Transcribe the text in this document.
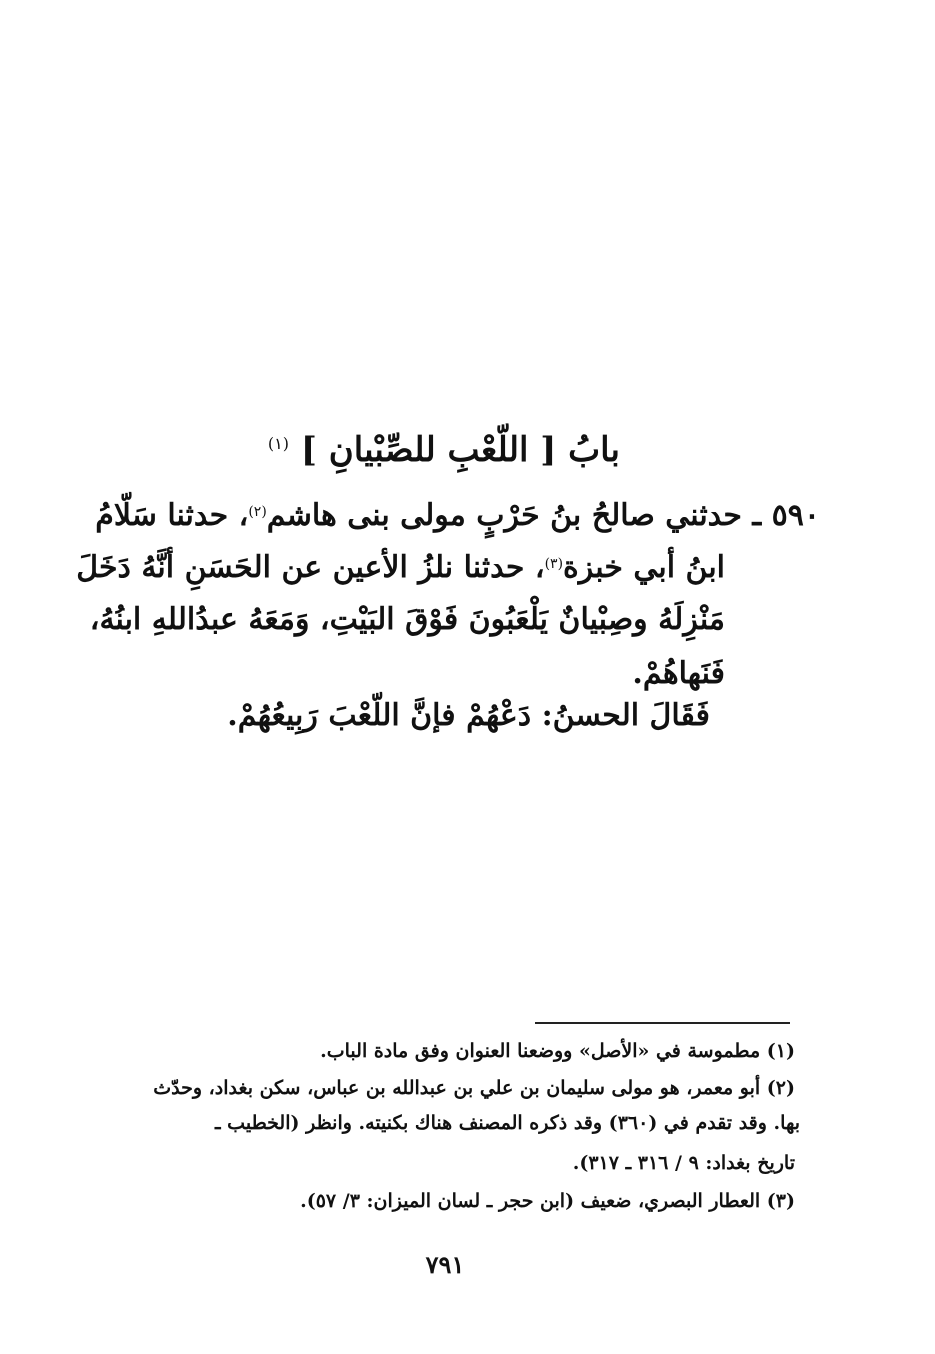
بابُ [ اللّعْبِ للصِّبْيانِ ] $^{(١)}$
٥٩٠ ـ حدثني صالحُ بنُ حَرْبٍ مولى بنى هاشم$^{(٢)}$، حدثنا سَلّامُ
ابنُ أبي خبزة$^{(٣)}$، حدثنا نلزُ الأعين عن الحَسَنِ أنَّهُ دَخَلَ
مَنْزِلَهُ وصِبْيانٌ يَلْعَبُونَ فَوْقَ البَيْتِ، وَمَعَهُ عبدُاللهِ ابنُهُ،
فَنَهاهُمْ.
فَقَالَ الحسنُ: دَعْهُمْ فإنَّ اللّعْبَ رَبِيعُهُمْ.
(١) مطموسة في «الأصل» ووضعنا العنوان وفق مادة الباب.
(٢) أبو معمر، هو مولى سليمان بن علي بن عبدالله بن عباس، سكن بغداد، وحدّث
بها. وقد تقدم في (٣٦٠) وقد ذكره المصنف هناك بكنيته. وانظر (الخطيب ـ
تاريخ بغداد: ٩ / ٣١٦ ـ ٣١٧).
(٣) العطار البصري، ضعيف (ابن حجر ـ لسان الميزان: ٣/ ٥٧).
٧٩١
